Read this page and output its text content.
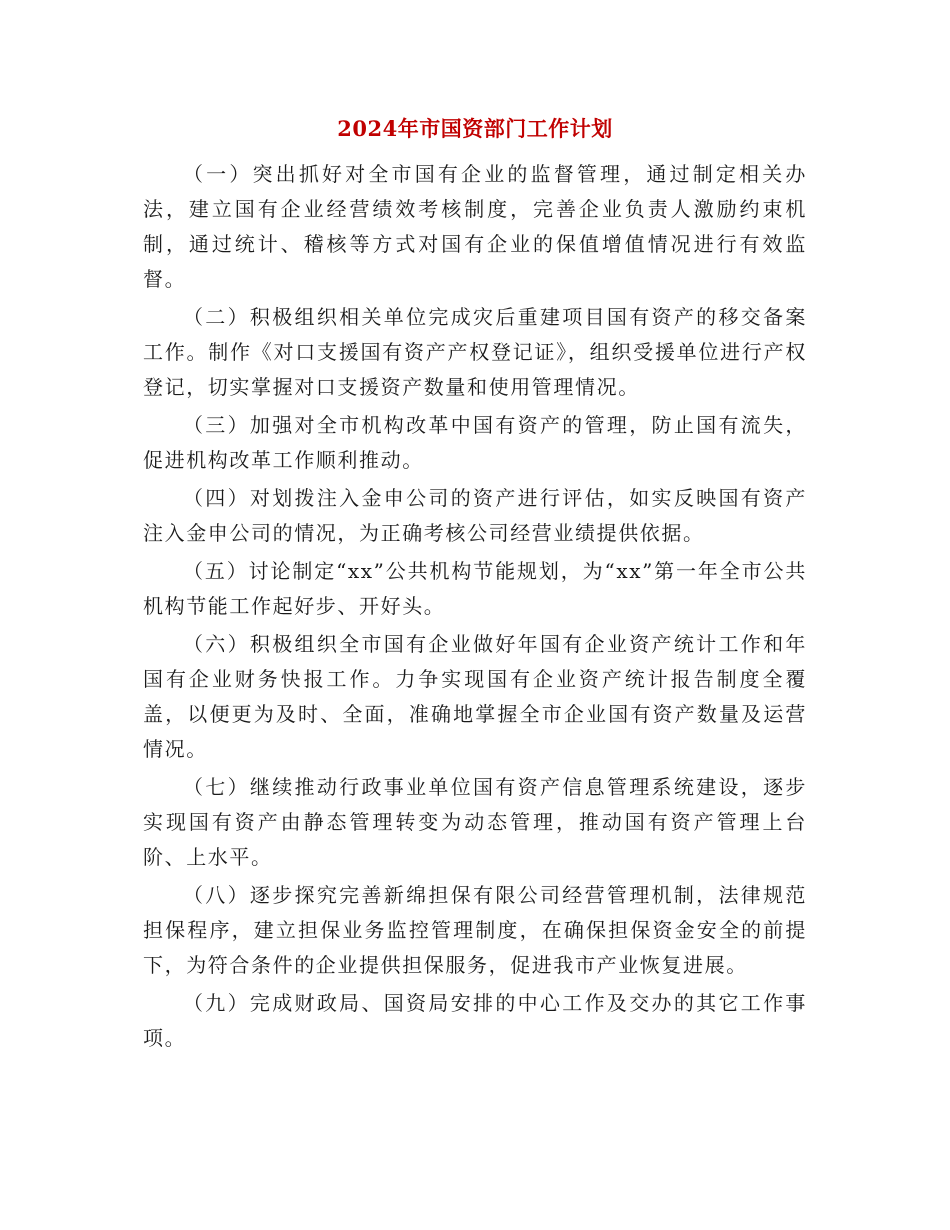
2024年市国资部门工作计划

（一）突出抓好对全市国有企业的监督管理，通过制定相关办法，建立国有企业经营绩效考核制度，完善企业负责人激励约束机制，通过统计、稽核等方式对国有企业的保值增值情况进行有效监督。

（二）积极组织相关单位完成灾后重建项目国有资产的移交备案工作。制作《对口支援国有资产产权登记证》，组织受援单位进行产权登记，切实掌握对口支援资产数量和使用管理情况。

（三）加强对全市机构改革中国有资产的管理，防止国有流失，促进机构改革工作顺利推动。

（四）对划拨注入金申公司的资产进行评估，如实反映国有资产注入金申公司的情况，为正确考核公司经营业绩提供依据。

（五）讨论制定“xx”公共机构节能规划，为“xx”第一年全市公共机构节能工作起好步、开好头。

（六）积极组织全市国有企业做好年国有企业资产统计工作和年国有企业财务快报工作。力争实现国有企业资产统计报告制度全覆盖，以便更为及时、全面，准确地掌握全市企业国有资产数量及运营情况。

（七）继续推动行政事业单位国有资产信息管理系统建设，逐步实现国有资产由静态管理转变为动态管理，推动国有资产管理上台阶、上水平。

（八）逐步探究完善新绵担保有限公司经营管理机制，法律规范担保程序，建立担保业务监控管理制度，在确保担保资金安全的前提下，为符合条件的企业提供担保服务，促进我市产业恢复进展。

（九）完成财政局、国资局安排的中心工作及交办的其它工作事项。
